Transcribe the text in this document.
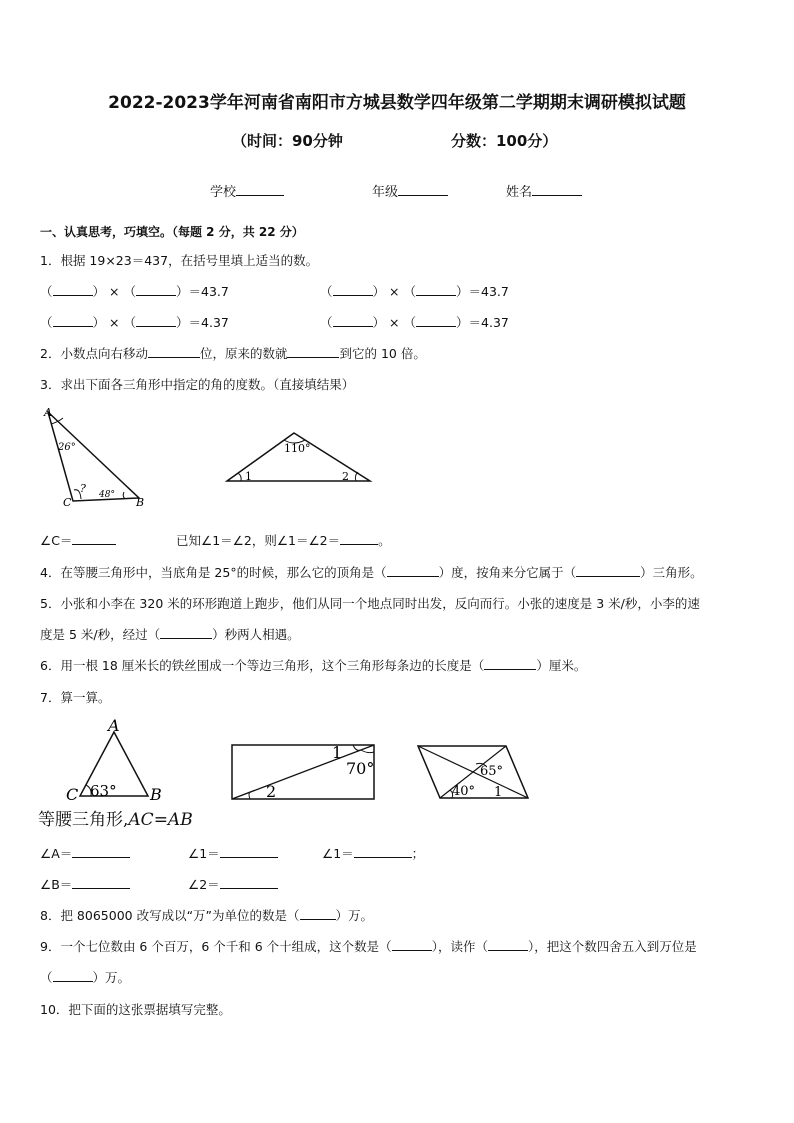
2022-2023学年河南省南阳市方城县数学四年级第二学期期末调研模拟试题
（时间：90分钟	分数：100分）
学校	年级	姓名
一、认真思考，巧填空。（每题 2 分，共 22 分）
1．根据 19×23＝437，在括号里填上适当的数。
（	） × （	）＝43.7	（	） × （	）＝43.7
（	） × （	）＝4.37	（	） × （	）＝4.37
2．小数点向右移动	位，原来的数就	到它的 10 倍。
3．求出下面各三角形中指定的角的度数。（直接填结果）
A
26°
?
C
48°
B
110°
1	2
∠C＝	已知∠1＝∠2，则∠1＝∠2＝	。
4．在等腰三角形中，当底角是 25°的时候，那么它的顶角是（	）度，按角来分它属于（	）三角形。
5．小张和小李在 320 米的环形跑道上跑步，他们从同一个地点同时出发，反向而行。小张的速度是 3 米/秒，小李的速
度是 5 米/秒，经过（	）秒两人相遇。
6．用一根 18 厘米长的铁丝围成一个等边三角形，这个三角形每条边的长度是（	）厘米。
7．算一算。
A
C 63° B
1
70°
2
65°
40° 1
等腰三角形,AC=AB
∠A＝	∠1＝	∠1＝	；
∠B＝	∠2＝
8．把 8065000 改写成以“万”为单位的数是（	）万。
9．一个七位数由 6 个百万，6 个千和 6 个十组成，这个数是（	），读作（	），把这个数四舍五入到万位是
（	）万。
10．把下面的这张票据填写完整。
